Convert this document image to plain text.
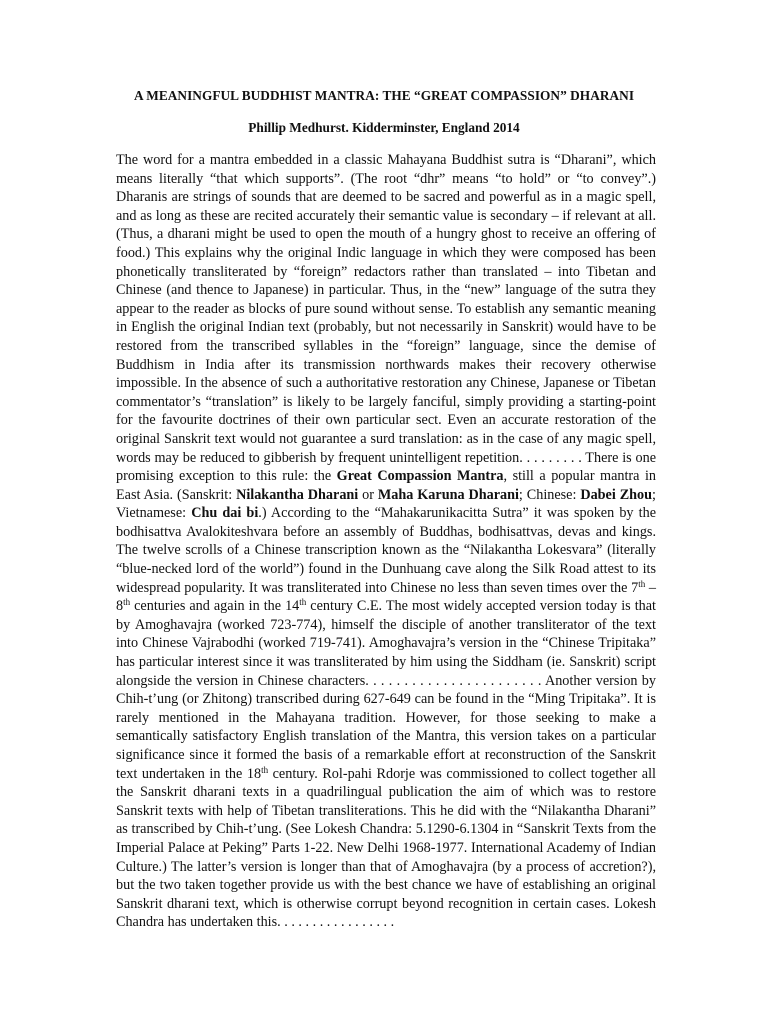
A MEANINGFUL BUDDHIST MANTRA: THE “GREAT COMPASSION” DHARANI
Phillip Medhurst. Kidderminster, England 2014

The word for a mantra embedded in a classic Mahayana Buddhist sutra is “Dharani”, which means literally “that which supports”. (The root “dhr” means “to hold” or “to convey”.) Dharanis are strings of sounds that are deemed to be sacred and powerful as in a magic spell, and as long as these are recited accurately their semantic value is secondary – if relevant at all. (Thus, a dharani might be used to open the mouth of a hungry ghost to receive an offering of food.) This explains why the original Indic language in which they were composed has been phonetically transliterated by “foreign” redactors rather than translated – into Tibetan and Chinese (and thence to Japanese) in particular. Thus, in the “new” language of the sutra they appear to the reader as blocks of pure sound without sense. To establish any semantic meaning in English the original Indian text (probably, but not necessarily in Sanskrit) would have to be restored from the transcribed syllables in the “foreign” language, since the demise of Buddhism in India after its transmission northwards makes their recovery otherwise impossible. In the absence of such a authoritative restoration any Chinese, Japanese or Tibetan commentator’s “translation” is likely to be largely fanciful, simply providing a starting-point for the favourite doctrines of their own particular sect. Even an accurate restoration of the original Sanskrit text would not guarantee a surd translation: as in the case of any magic spell, words may be reduced to gibberish by frequent unintelligent repetition. . . . . . . . . There is one promising exception to this rule: the Great Compassion Mantra, still a popular mantra in East Asia. (Sanskrit: Nilakantha Dharani or Maha Karuna Dharani; Chinese: Dabei Zhou; Vietnamese: Chu dai bi.) According to the “Mahakarunikacitta Sutra” it was spoken by the bodhisattva Avalokiteshvara before an assembly of Buddhas, bodhisattvas, devas and kings. The twelve scrolls of a Chinese transcription known as the “Nilakantha Lokesvara” (literally “blue-necked lord of the world”) found in the Dunhuang cave along the Silk Road attest to its widespread popularity. It was transliterated into Chinese no less than seven times over the 7th – 8th centuries and again in the 14th century C.E. The most widely accepted version today is that by Amoghavajra (worked 723-774), himself the disciple of another transliterator of the text into Chinese Vajrabodhi (worked 719-741). Amoghavajra’s version in the “Chinese Tripitaka” has particular interest since it was transliterated by him using the Siddham (ie. Sanskrit) script alongside the version in Chinese characters. . . . . . . . . . . . . . . . . . . . . . . Another version by Chih-t’ung (or Zhitong) transcribed during 627-649 can be found in the “Ming Tripitaka”. It is rarely mentioned in the Mahayana tradition. However, for those seeking to make a semantically satisfactory English translation of the Mantra, this version takes on a particular significance since it formed the basis of a remarkable effort at reconstruction of the Sanskrit text undertaken in the 18th century. Rol-pahi Rdorje was commissioned to collect together all the Sanskrit dharani texts in a quadrilingual publication the aim of which was to restore Sanskrit texts with help of Tibetan transliterations. This he did with the “Nilakantha Dharani” as transcribed by Chih-t’ung. (See Lokesh Chandra: 5.1290-6.1304 in “Sanskrit Texts from the Imperial Palace at Peking” Parts 1-22. New Delhi 1968-1977. International Academy of Indian Culture.) The latter’s version is longer than that of Amoghavajra (by a process of accretion?), but the two taken together provide us with the best chance we have of establishing an original Sanskrit dharani text, which is otherwise corrupt beyond recognition in certain cases. Lokesh Chandra has undertaken this. . . . . . . . . . . . . . . . .
